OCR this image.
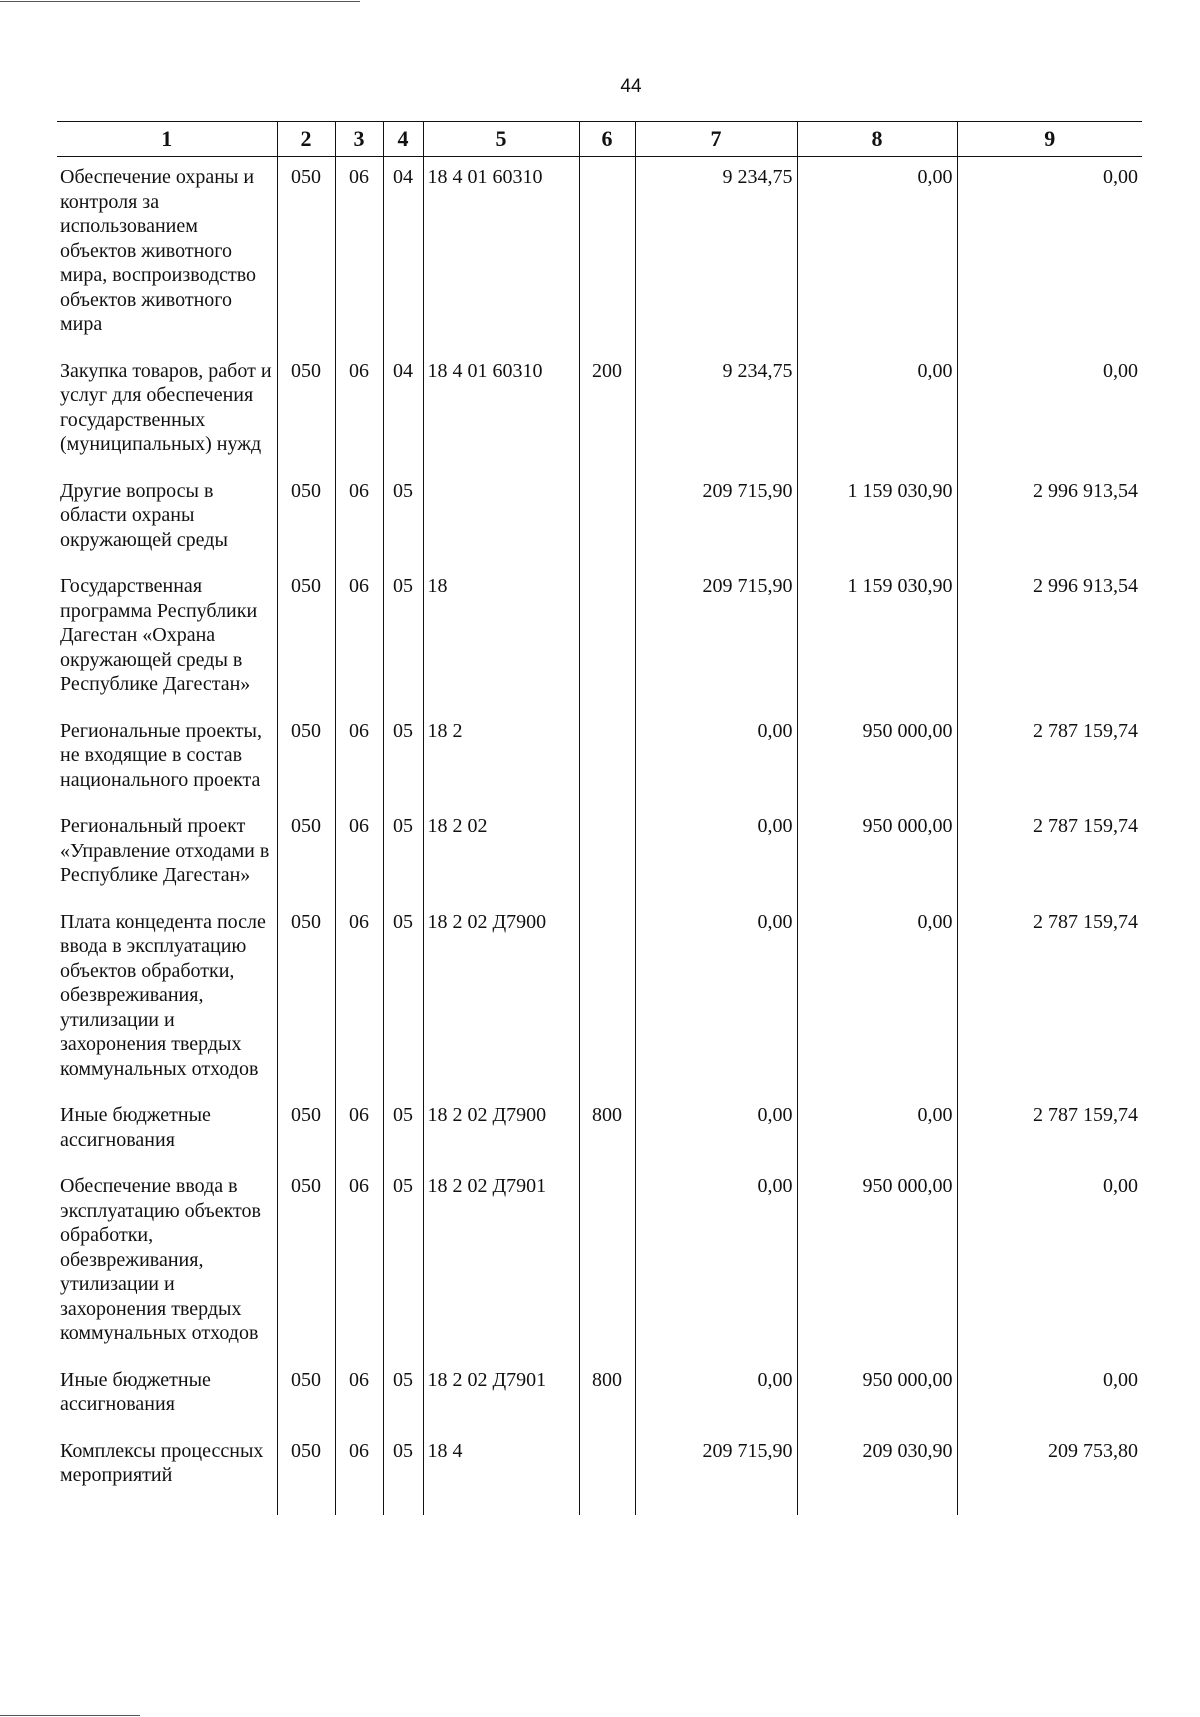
44
1	2	3	4	5	6	7	8	9
Обеспечение охраны и контроля за использованием объектов животного мира, воспроизводство объектов животного мира	050	06	04	18 4 01 60310		9 234,75	0,00	0,00
Закупка товаров, работ и услуг для обеспечения государственных (муниципальных) нужд	050	06	04	18 4 01 60310	200	9 234,75	0,00	0,00
Другие вопросы в области охраны окружающей среды	050	06	05			209 715,90	1 159 030,90	2 996 913,54
Государственная программа Республики Дагестан «Охрана окружающей среды в Республике Дагестан»	050	06	05	18		209 715,90	1 159 030,90	2 996 913,54
Региональные проекты, не входящие в состав национального проекта	050	06	05	18 2		0,00	950 000,00	2 787 159,74
Региональный проект «Управление отходами в Республике Дагестан»	050	06	05	18 2 02		0,00	950 000,00	2 787 159,74
Плата концедента после ввода в эксплуатацию объектов обработки, обезвреживания, утилизации и захоронения твердых коммунальных отходов	050	06	05	18 2 02 Д7900		0,00	0,00	2 787 159,74
Иные бюджетные ассигнования	050	06	05	18 2 02 Д7900	800	0,00	0,00	2 787 159,74
Обеспечение ввода в эксплуатацию объектов обработки, обезвреживания, утилизации и захоронения твердых коммунальных отходов	050	06	05	18 2 02 Д7901		0,00	950 000,00	0,00
Иные бюджетные ассигнования	050	06	05	18 2 02 Д7901	800	0,00	950 000,00	0,00
Комплексы процессных мероприятий	050	06	05	18 4		209 715,90	209 030,90	209 753,80
